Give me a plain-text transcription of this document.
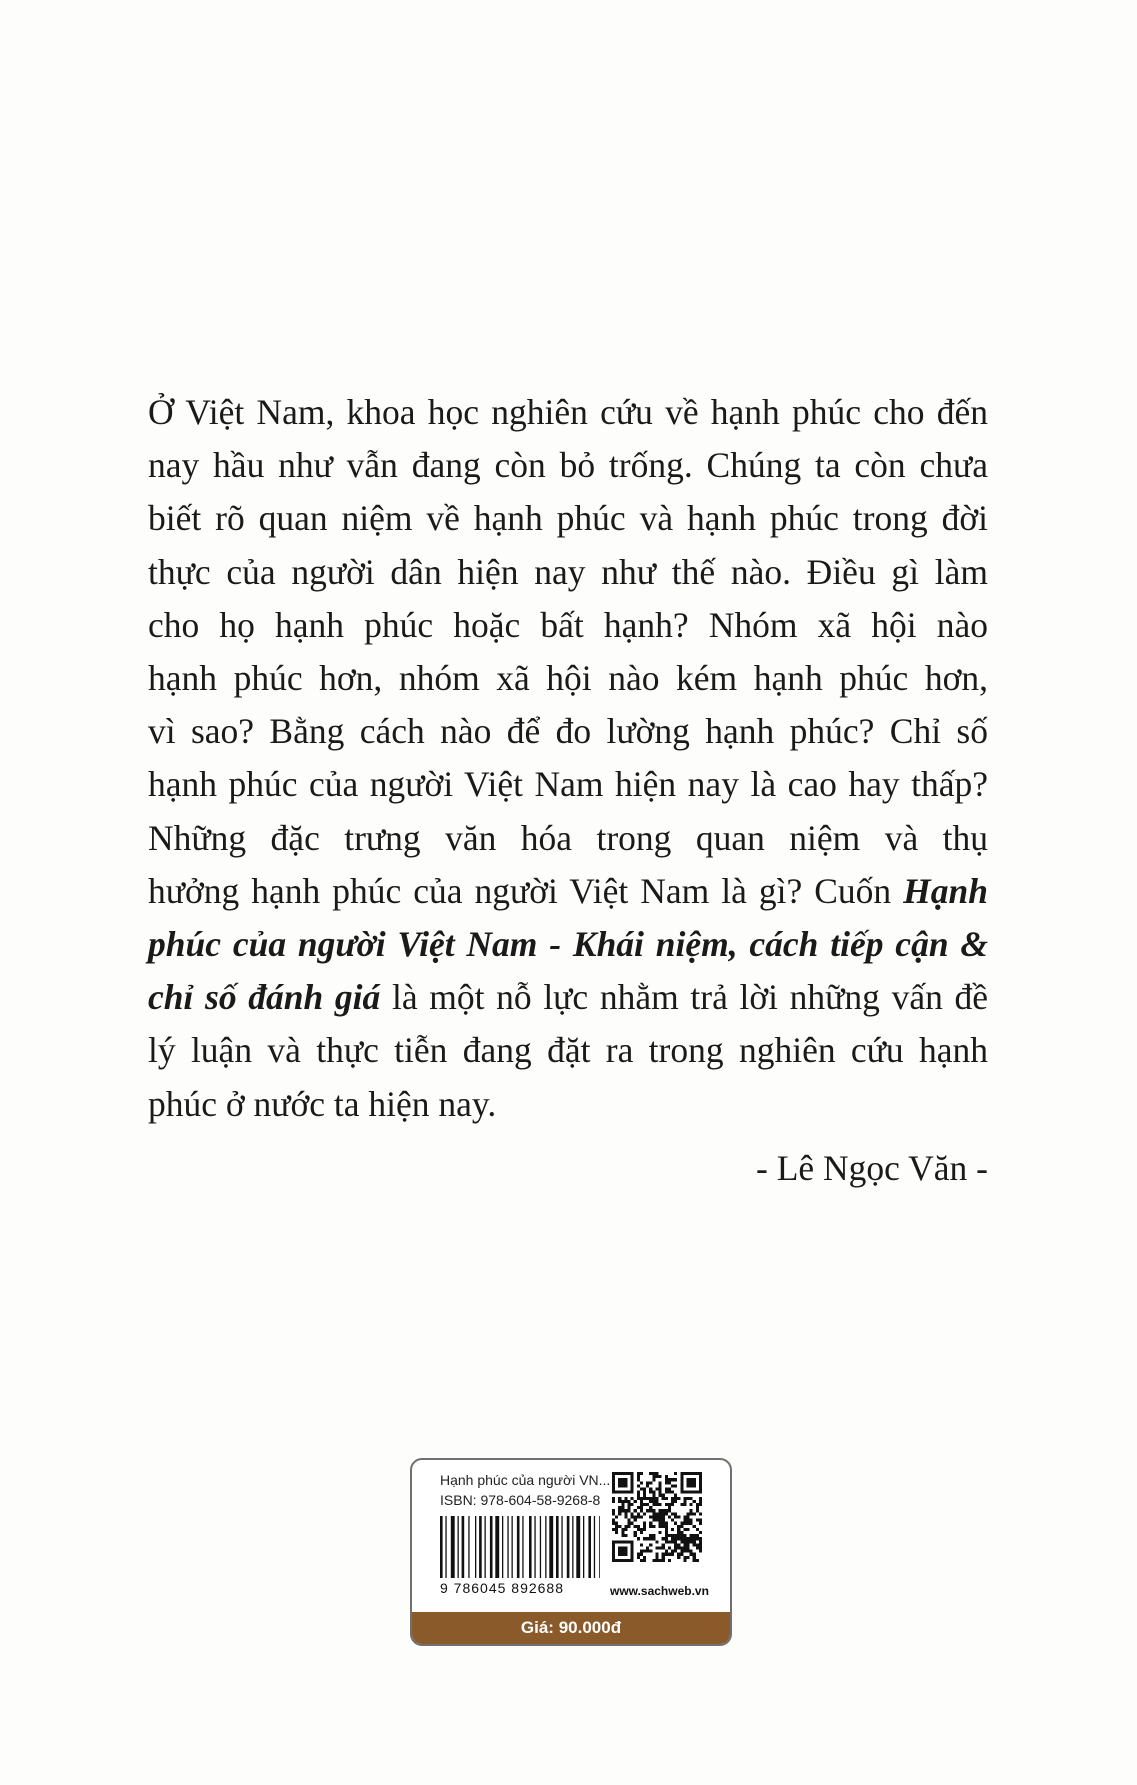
Ở Việt Nam, khoa học nghiên cứu về hạnh phúc cho đến
nay hầu như vẫn đang còn bỏ trống. Chúng ta còn chưa
biết rõ quan niệm về hạnh phúc và hạnh phúc trong đời
thực của người dân hiện nay như thế nào. Điều gì làm
cho họ hạnh phúc hoặc bất hạnh? Nhóm xã hội nào
hạnh phúc hơn, nhóm xã hội nào kém hạnh phúc hơn,
vì sao? Bằng cách nào để đo lường hạnh phúc? Chỉ số
hạnh phúc của người Việt Nam hiện nay là cao hay thấp?
Những đặc trưng văn hóa trong quan niệm và thụ
hưởng hạnh phúc của người Việt Nam là gì? Cuốn Hạnh
phúc của người Việt Nam - Khái niệm, cách tiếp cận &
chỉ số đánh giá là một nỗ lực nhằm trả lời những vấn đề
lý luận và thực tiễn đang đặt ra trong nghiên cứu hạnh
phúc ở nước ta hiện nay.
- Lê Ngọc Văn -
Hạnh phúc của người VN...
ISBN: 978-604-58-9268-8
9 786045 892688	www.sachweb.vn
Giá: 90.000đ
